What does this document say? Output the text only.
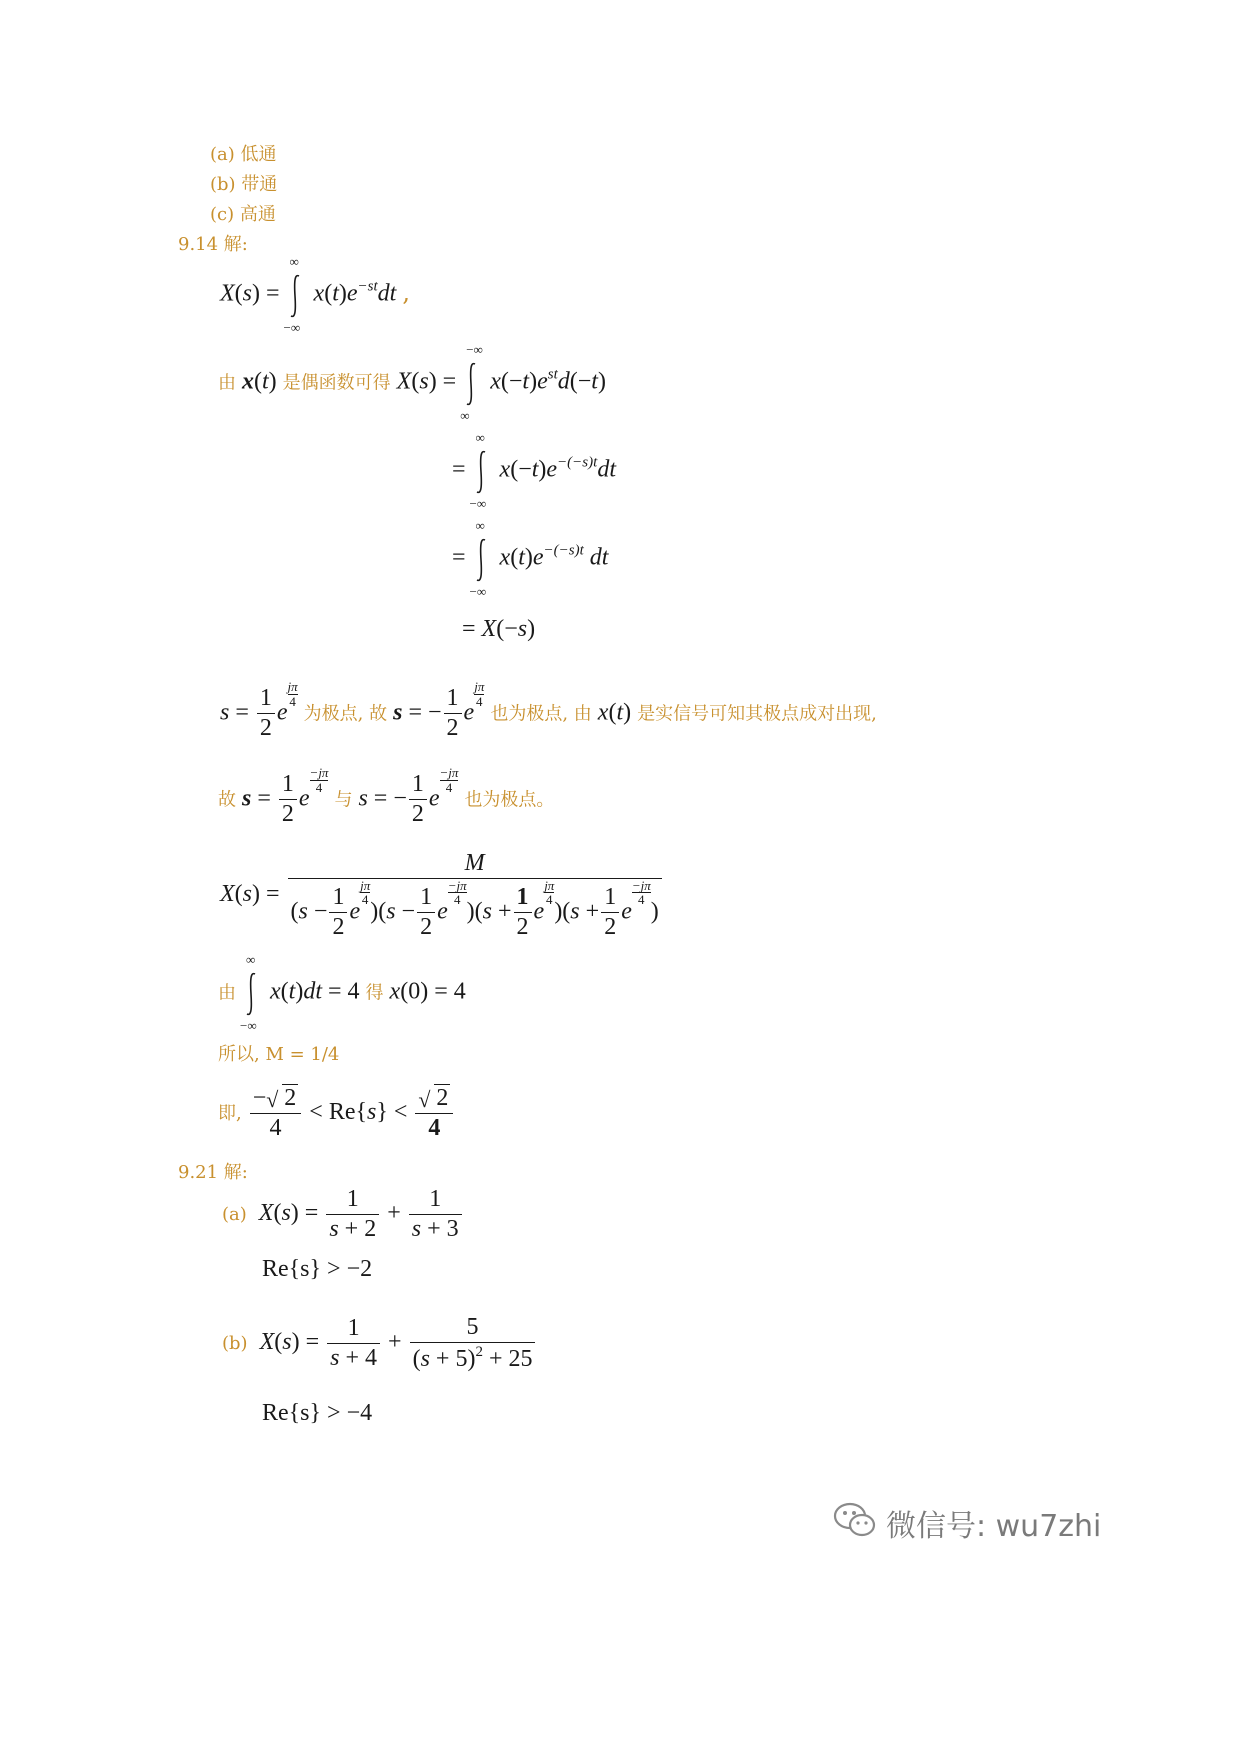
(a) 低通
(b) 带通
(c) 高通
9.14 解:
X(s) =
∞
−∞
$x(t)e^{-st}dt$ ,
由 x(t) 是偶函数可得 X(s) =
−∞
∞
$x(-t)e^{st}d(-t)$
=
∞
−∞
$x(-t)e^{-(-s)t}dt$
=
∞
−∞
$x(t)e^{-(-s)t}$ dt
= X(−s)
$s = \frac{1}{2}$ e
$\frac{j\pi}{4}$
为极点, 故 s = − $\frac{1}{2}$ e
$\frac{j\pi}{4}$
也为极点, 由 x(t) 是实信号可知其极点成对出现,
故 $s = \frac{1}{2}$ e
$\frac{-j\pi}{4}$
与 s = − $\frac{1}{2}$ e
$\frac{-j\pi}{4}$
也为极点。
X(s) = M
($s - \frac{1}{2}$ e
$\frac{j\pi}{4}$
)($s - \frac{1}{2}$ e
$\frac{-j\pi}{4}$
)($s + \frac{1}{2}$ e
$\frac{j\pi}{4}$
)($s + \frac{1}{2}$ e
$\frac{-j\pi}{4}$
)
由
∞
−∞
x(t)dt = 4 得 x(0) = 4
所以, M = 1/4
即, $\frac{- √ 2}{4} < Re\{s\} < \frac{√ 2}{4}$
9.21 解:
(a) $X(s) = \frac{1}{s + 2} + \frac{1}{s + 3}$
Re{s} > −2
(b) $X(s) = \frac{1}{s + 4} + \frac{5}{(s + 5)^2 + 25}$
Re{s} > −4
微信号: wu7zhi
